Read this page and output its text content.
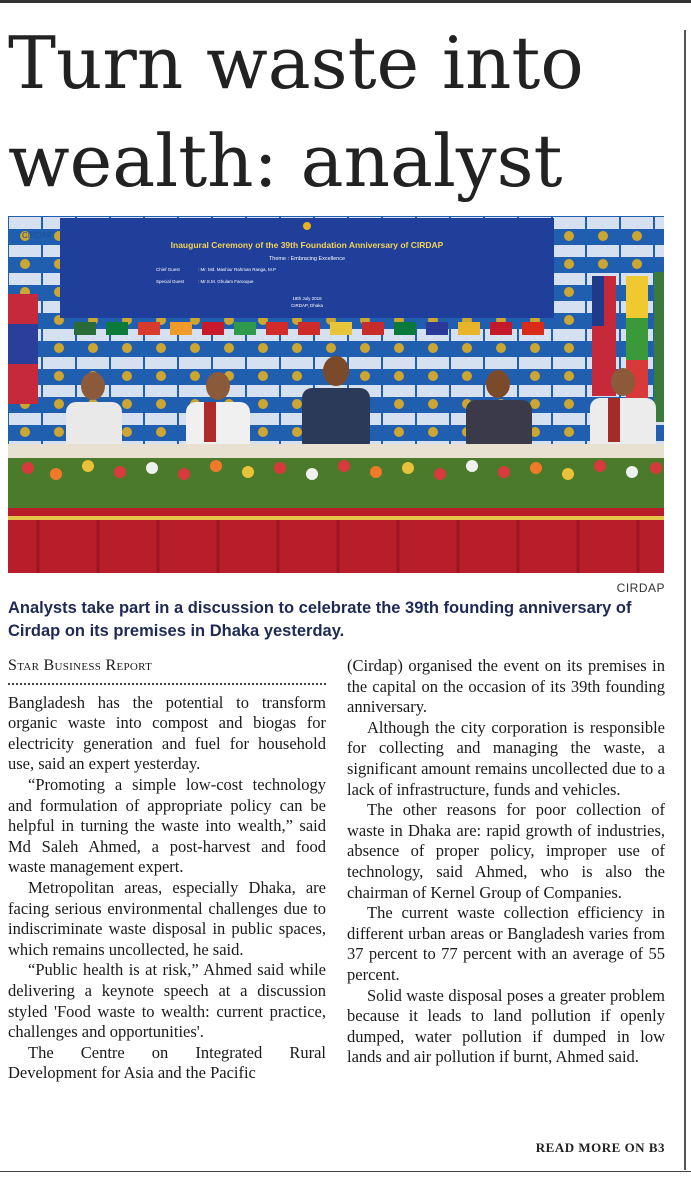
Turn waste into
wealth: analyst
Inaugural Ceremony of the 39th Foundation Anniversary of CIRDAP
Theme : Embracing Excellence
Chief Guest	: Mr. Md. Mashiur Rahman Ranga, M.P
Special Guest	: Mr.S.M. Ghulam Farooque
18th July 2018
CIRDAP, Dhaka
CIRDAP
CIRDAP

Analysts take part in a discussion to celebrate the 39th founding anniversary of Cirdap on its premises in Dhaka yesterday.

Star Business Report

Bangladesh has the potential to transform organic waste into compost and biogas for electricity generation and fuel for household use, said an expert yesterday.

“Promoting a simple low-cost technology and formulation of appropriate policy can be helpful in turning the waste into wealth,” said Md Saleh Ahmed, a post-harvest and food waste management expert.

Metropolitan areas, especially Dhaka, are facing serious environmental challenges due to indiscriminate waste disposal in public spaces, which remains uncollected, he said.

“Public health is at risk,” Ahmed said while delivering a keynote speech at a discussion styled 'Food waste to wealth: current practice, challenges and opportunities'.

The Centre on Integrated Rural Development for Asia and the Pacific

(Cirdap) organised the event on its premises in the capital on the occasion of its 39th founding anniversary.

Although the city corporation is responsible for collecting and managing the waste, a significant amount remains uncollected due to a lack of infrastructure, funds and vehicles.

The other reasons for poor collection of waste in Dhaka are: rapid growth of industries, absence of proper policy, improper use of technology, said Ahmed, who is also the chairman of Kernel Group of Companies.

The current waste collection efficiency in different urban areas or Bangladesh varies from 37 percent to 77 percent with an average of 55 percent.

Solid waste disposal poses a greater problem because it leads to land pollution if openly dumped, water pollution if dumped in low lands and air pollution if burnt, Ahmed said.

READ MORE ON B3
